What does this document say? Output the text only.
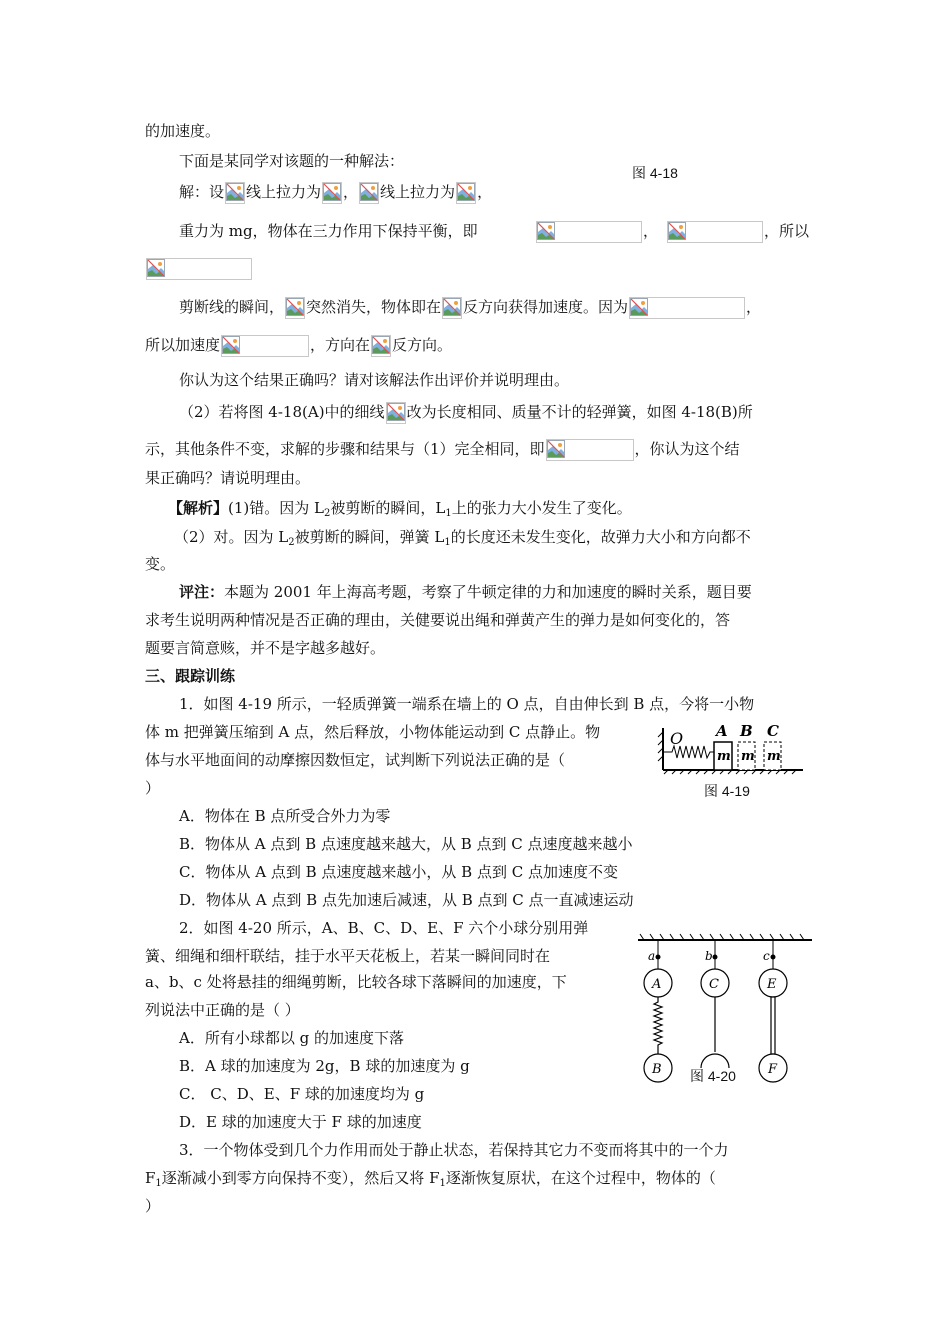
的加速度。
下面是某同学对该题的一种解法：
图 4-18
解：设 线上拉力为 ， 线上拉力为 ，
重力为 mg，物体在三力作用下保持平衡，即	，	，所以
剪断线的瞬间， 突然消失，物体即在 反方向获得加速度。因为	，
所以加速度	，方向在 反方向。
你认为这个结果正确吗？请对该解法作出评价并说明理由。
（2）若将图 4-18(A)中的细线 改为长度相同、质量不计的轻弹簧，如图 4-18(B)所
示，其他条件不变，求解的步骤和结果与（1）完全相同，即	，你认为这个结
果正确吗？请说明理由。
【解析】(1)错。因为 $L_2$被剪断的瞬间，$L_1$上的张力大小发生了变化。
（2）对。因为 $L_2$被剪断的瞬间，弹簧 $L_1$的长度还未发生变化，故弹力大小和方向都不
变。
评注：本题为 2001 年上海高考题，考察了牛顿定律的力和加速度的瞬时关系，题目要
求考生说明两种情况是否正确的理由，关健要说出绳和弹黄产生的弹力是如何变化的，答
题要言简意赅，并不是字越多越好。
三、跟踪训练
1．如图 4-19 所示，一轻质弹簧一端系在墙上的 O 点，自由伸长到 B 点，今将一小物
体 m 把弹簧压缩到 A 点，然后释放，小物体能运动到 C 点静止。物
体与水平地面间的动摩擦因数恒定，试判断下列说法正确的是（
）
A．物体在 B 点所受合外力为零
B．物体从 A 点到 B 点速度越来越大，从 B 点到 C 点速度越来越小
C．物体从 A 点到 B 点速度越来越小，从 B 点到 C 点加速度不变
D．物体从 A 点到 B 点先加速后减速，从 B 点到 C 点一直减速运动
O A B C
m m m
图 4-19
2．如图 4-20 所示，A、B、C、D、E、F 六个小球分别用弹
簧、细绳和细杆联结，挂于水平天花板上，若某一瞬间同时在
a、b、c 处将悬挂的细绳剪断，比较各球下落瞬间的加速度，下
列说法中正确的是（ ）
A．所有小球都以 g 的加速度下落
B．A 球的加速度为 2g，B 球的加速度为 g
C． C、D、E、F 球的加速度均为 g
D．E 球的加速度大于 F 球的加速度
a	b	c
A	C	E
B	F
图 4-20
3．一个物体受到几个力作用而处于静止状态，若保持其它力不变而将其中的一个力
$F_1$逐渐减小到零方向保持不变），然后又将 $F_1$逐渐恢复原状，在这个过程中，物体的（
）
